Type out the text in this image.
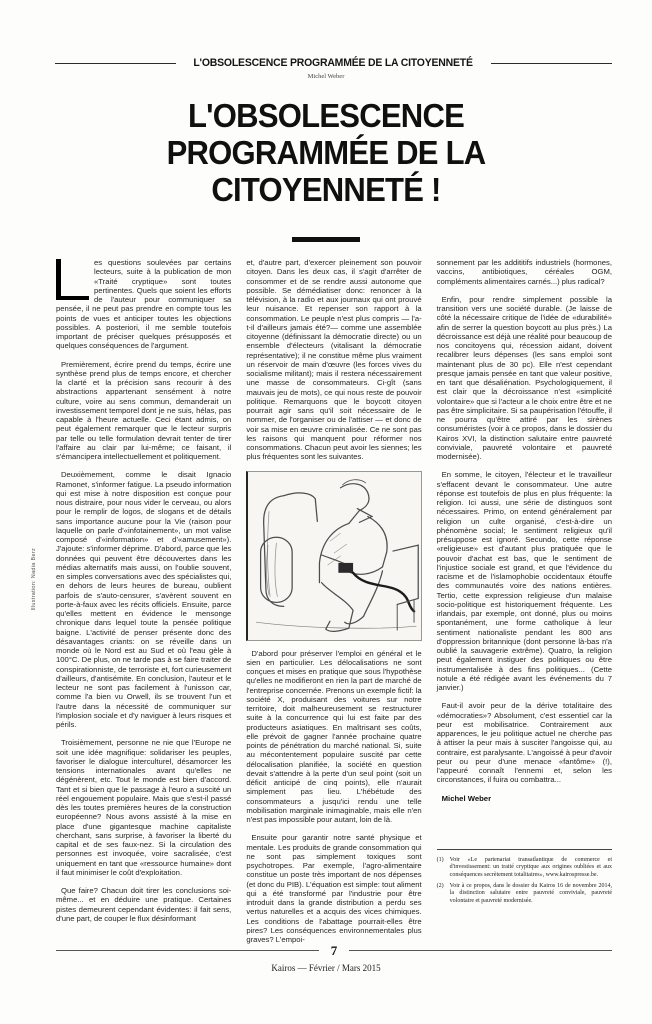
L'OBSOLESCENCE PROGRAMMÉE DE LA CITOYENNETÉ
Michel Weber
L'OBSOLESCENCE
PROGRAMMÉE DE LA
CITOYENNETÉ !
Illustration: Nadia Berz

es questions soulevées par certains lecteurs, suite à la publication de mon «Traité cryptique» sont toutes pertinentes. Quels que soient les efforts de l'auteur pour communiquer sa pensée, il ne peut pas prendre en compte tous les points de vues et anticiper toutes les objections possibles. A posteriori, il me semble toutefois important de préciser quelques présupposés et quelques conséquences de l'argument.

Premièrement, écrire prend du temps, écrire une synthèse prend plus de temps encore, et chercher la clarté et la précision sans recourir à des abstractions appartenant sensément à notre culture, voire au sens commun, demanderait un investissement temporel dont je ne suis, hélas, pas capable à l'heure actuelle. Ceci étant admis, on peut également remarquer que le lecteur surpris par telle ou telle formulation devrait tenter de tirer l'affaire au clair par lui-même; ce faisant, il s'émancipera intellectuellement et politiquement.

Deuxièmement, comme le disait Ignacio Ramonet, s'informer fatigue. La pseudo information qui est mise à notre disposition est conçue pour nous distraire, pour nous vider le cerveau, ou alors pour le remplir de logos, de slogans et de détails sans importance aucune pour la Vie (raison pour laquelle on parle d'«infotainement», un mot valise composé d'«information» et d'«amusement»). J'ajoute: s'informer déprime. D'abord, parce que les données qui peuvent être découvertes dans les médias alternatifs mais aussi, on l'oublie souvent, en simples conversations avec des spécialistes qui, en dehors de leurs heures de bureau, oublient parfois de s'auto-censurer, s'avèrent souvent en porte-à-faux avec les récits officiels. Ensuite, parce qu'elles mettent en évidence le mensonge chronique dans lequel toute la pensée politique baigne. L'activité de penser présente donc des désavantages criants: on se réveille dans un monde où le Nord est au Sud et où l'eau gèle à 100°C. De plus, on ne tarde pas à se faire traiter de conspirationniste, de terroriste et, fort curieusement d'ailleurs, d'antisémite. En conclusion, l'auteur et le lecteur ne sont pas facilement à l'unisson car, comme l'a bien vu Orwell, ils se trouvent l'un et l'autre dans la nécessité de communiquer sur l'implosion sociale et d'y naviguer à leurs risques et périls.

Troisièmement, personne ne nie que l'Europe ne soit une idée magnifique: solidariser les peuples, favoriser le dialogue interculturel, désamorcer les tensions internationales avant qu'elles ne dégénèrent, etc. Tout le monde est bien d'accord. Tant et si bien que le passage à l'euro a suscité un réel engouement populaire. Mais que s'est-il passé dès les toutes premières heures de la construction européenne? Nous avons assisté à la mise en place d'une gigantesque machine capitaliste cherchant, sans surprise, à favoriser la liberté du capital et de ses faux-nez. Si la circulation des personnes est invoquée, voire sacralisée, c'est uniquement en tant que «ressource humaine» dont il faut minimiser le coût d'exploitation.

Que faire? Chacun doit tirer les conclusions soi-même... et en déduire une pratique. Certaines pistes demeurent cependant évidentes: il fait sens, d'une part, de couper le flux désinformant

et, d'autre part, d'exercer pleinement son pouvoir citoyen. Dans les deux cas, il s'agit d'arrêter de consommer et de se rendre aussi autonome que possible. Se démédiatiser donc: renoncer à la télévision, à la radio et aux journaux qui ont prouvé leur nuisance. Et repenser son rapport à la consommation. Le peuple n'est plus compris — l'a-t-il d'ailleurs jamais été?— comme une assemblée citoyenne (définissant la démocratie directe) ou un ensemble d'électeurs (vitalisant la démocratie représentative); il ne constitue même plus vraiment un réservoir de main d'œuvre (les forces vives du socialisme militant); mais il restera nécessairement une masse de consommateurs. Ci-gît (sans mauvais jeu de mots), ce qui nous reste de pouvoir politique. Remarquons que le boycott citoyen pourrait agir sans qu'il soit nécessaire de le nommer, de l'organiser ou de l'attiser — et donc de voir sa mise en œuvre criminalisée. Ce ne sont pas les raisons qui manquent pour réformer nos consommations. Chacun peut avoir les siennes; les plus fréquentes sont les suivantes.

D'abord pour préserver l'emploi en général et le sien en particulier. Les délocalisations ne sont conçues et mises en pratique que sous l'hypothèse qu'elles ne modifieront en rien la part de marché de l'entreprise concernée. Prenons un exemple fictif: la société X, produisant des voitures sur notre territoire, doit malheureusement se restructurer suite à la concurrence qui lui est faite par des producteurs asiatiques. En maîtrisant ses coûts, elle prévoit de gagner l'année prochaine quatre points de pénétration du marché national. Si, suite au mécontentement populaire suscité par cette délocalisation planifiée, la société en question devait s'attendre à la perte d'un seul point (soit un déficit anticipé de cinq points), elle n'aurait simplement pas lieu. L'hébétude des consommateurs a jusqu'ici rendu une telle mobilisation marginale inimaginable, mais elle n'en n'est pas impossible pour autant, loin de là.

Ensuite pour garantir notre santé physique et mentale. Les produits de grande consommation qui ne sont pas simplement toxiques sont psychotropes. Par exemple, l'agro-alimentaire constitue un poste très important de nos dépenses (et donc du PIB). L'équation est simple: tout aliment qui a été transformé par l'industrie pour être introduit dans la grande distribution a perdu ses vertus naturelles et a acquis des vices chimiques. Les conditions de l'abattage pourrait-elles être pires? Les conséquences environnementales plus graves? L'empoi-

sonnement par les addititifs industriels (hormones, vaccins, antibiotiques, céréales OGM, compléments alimentaires carnés...) plus radical?

Enfin, pour rendre simplement possible la transition vers une société durable. (Je laisse de côté la nécessaire critique de l'idée de «durabilité» afin de serrer la question boycott au plus près.) La décroissance est déjà une réalité pour beaucoup de nos concitoyens qui, récession aidant, doivent recalibrer leurs dépenses (les sans emploi sont maintenant plus de 30 pc). Elle n'est cependant presque jamais pensée en tant que valeur positive, en tant que désaliénation. Psychologiquement, il est clair que la décroissance n'est «simplicité volontaire» que si l'acteur a le choix entre être et ne pas être simplicitaire. Si sa paupérisation l'étouffe, il ne pourra qu'être attiré par les sirènes consuméristes (voir à ce propos, dans le dossier du Kairos XVI, la distinction salutaire entre pauvreté conviviale, pauvreté volontaire et pauvreté modernisée).

En somme, le citoyen, l'électeur et le travailleur s'effacent devant le consommateur. Une autre réponse est toutefois de plus en plus fréquente: la religion. Ici aussi, une série de distinguos sont nécessaires. Primo, on entend généralement par religion un culte organisé, c'est-à-dire un phénomène social; le sentiment religieux qu'il présuppose est ignoré. Secundo, cette réponse «religieuse» est d'autant plus pratiquée que le pouvoir d'achat est bas, que le sentiment de l'injustice sociale est grand, et que l'évidence du racisme et de l'islamophobie occidentaux étouffe des communautés voire des nations entières. Tertio, cette expression religieuse d'un malaise socio-politique est historiquement fréquente. Les irlandais, par exemple, ont donné, plus ou moins spontanément, une forme catholique à leur sentiment nationaliste pendant les 800 ans d'oppression britannique (dont personne là-bas n'a oublié la sauvagerie extrême). Quatro, la religion peut également instiguer des politiques ou être instrumentalisée à des fins politiques... (Cette notule a été rédigée avant les événements du 7 janvier.)

Faut-il avoir peur de la dérive totalitaire des «démocraties»? Absolument, c'est essentiel car la peur est mobilisatrice. Contrairement aux apparences, le jeu politique actuel ne cherche pas à attiser la peur mais à susciter l'angoisse qui, au contraire, est paralysante. L'angoissé à peur d'avoir peur ou peur d'une menace «fantôme» (!), l'appeuré connaît l'ennemi et, selon les circonstances, il fuira ou combattra...

Michel Weber

(1)	Voir «Le partenariat transatlantique de commerce et d'investissement: un traité cryptique aux origines oubliées et aux conséquences secrètement totalitaires», www.kairospresse.be.
(2)	Voir à ce propos, dans le dossier du Kairos 16 de novembre 2014, la distinction salutaire entre pauvreté conviviale, pauvreté volontaire et pauvreté modernisée.
7
Kairos — Février / Mars 2015
